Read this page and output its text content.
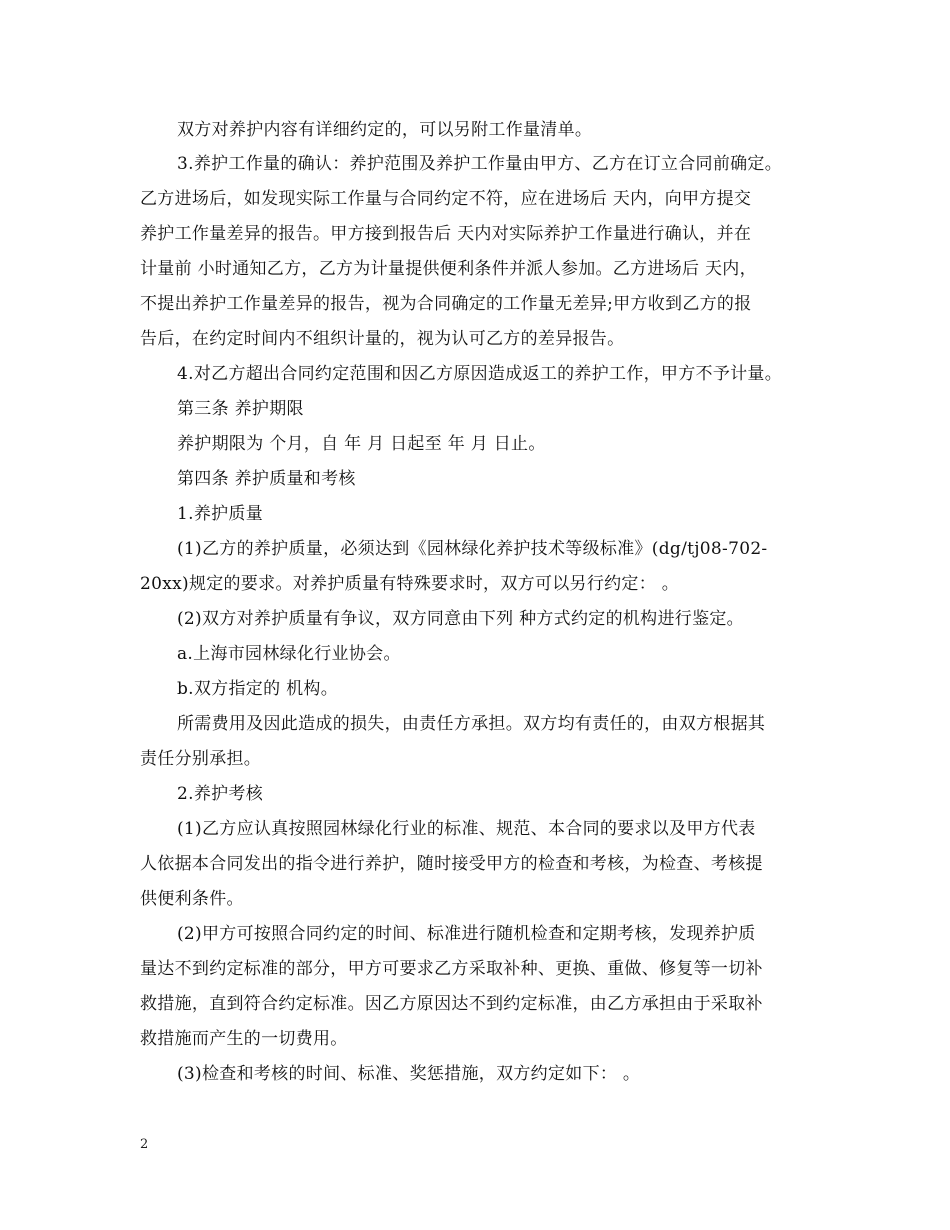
双方对养护内容有详细约定的，可以另附工作量清单。
3.养护工作量的确认：养护范围及养护工作量由甲方、乙方在订立合同前确定。
乙方进场后，如发现实际工作量与合同约定不符，应在进场后 天内，向甲方提交
养护工作量差异的报告。甲方接到报告后 天内对实际养护工作量进行确认，并在
计量前 小时通知乙方，乙方为计量提供便利条件并派人参加。乙方进场后 天内，
不提出养护工作量差异的报告，视为合同确定的工作量无差异;甲方收到乙方的报
告后，在约定时间内不组织计量的，视为认可乙方的差异报告。
4.对乙方超出合同约定范围和因乙方原因造成返工的养护工作，甲方不予计量。
第三条 养护期限
养护期限为 个月，自 年 月 日起至 年 月 日止。
第四条 养护质量和考核
1.养护质量
(1)乙方的养护质量，必须达到《园林绿化养护技术等级标准》(dg/tj08-702-
20xx)规定的要求。对养护质量有特殊要求时，双方可以另行约定： 。
(2)双方对养护质量有争议，双方同意由下列 种方式约定的机构进行鉴定。
a.上海市园林绿化行业协会。
b.双方指定的 机构。
所需费用及因此造成的损失，由责任方承担。双方均有责任的，由双方根据其
责任分别承担。
2.养护考核
(1)乙方应认真按照园林绿化行业的标准、规范、本合同的要求以及甲方代表
人依据本合同发出的指令进行养护，随时接受甲方的检查和考核，为检查、考核提
供便利条件。
(2)甲方可按照合同约定的时间、标准进行随机检查和定期考核，发现养护质
量达不到约定标准的部分，甲方可要求乙方采取补种、更换、重做、修复等一切补
救措施，直到符合约定标准。因乙方原因达不到约定标准，由乙方承担由于采取补
救措施而产生的一切费用。
(3)检查和考核的时间、标准、奖惩措施，双方约定如下： 。
2
